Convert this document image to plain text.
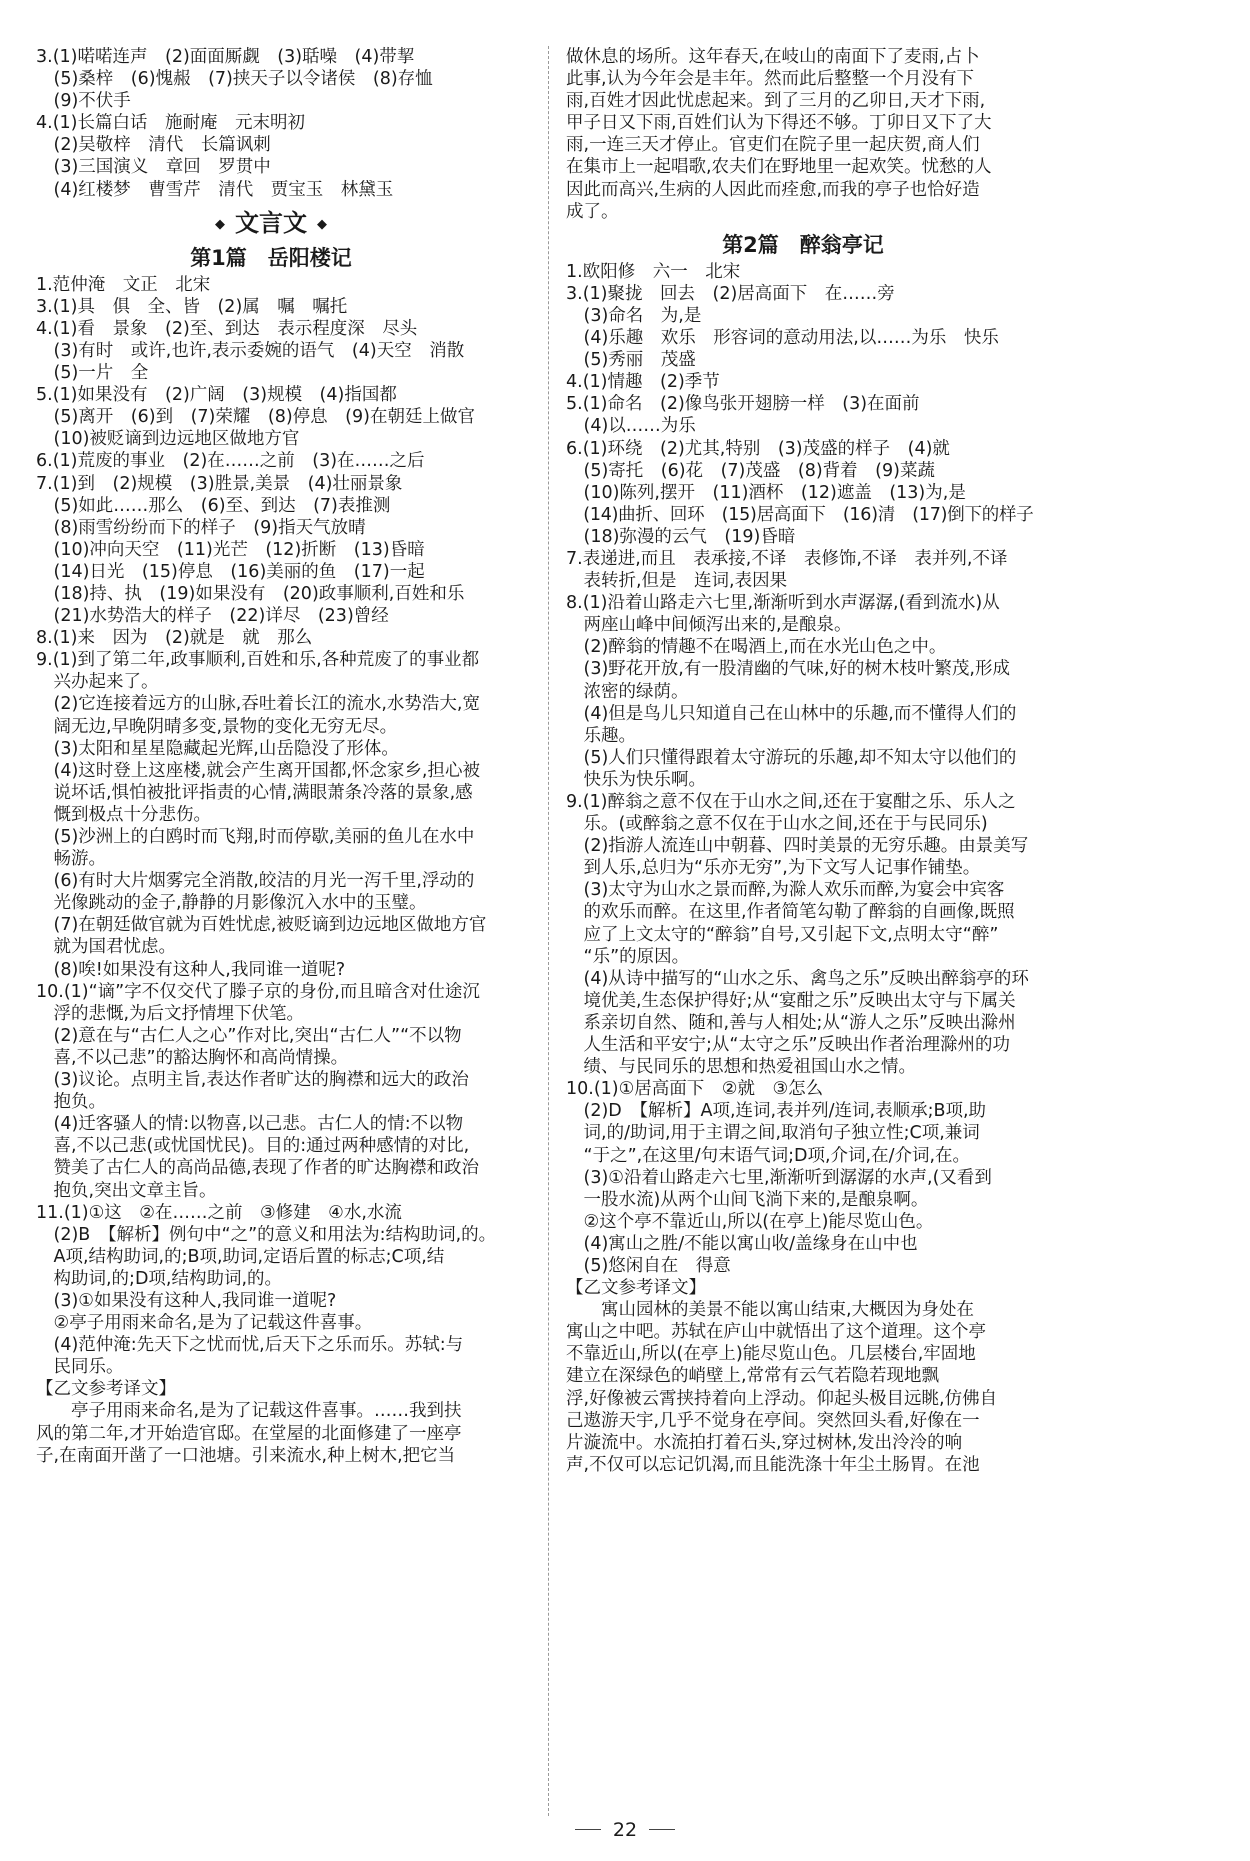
3.(1)喏喏连声　(2)面面厮觑　(3)聒噪　(4)带挈
　(5)桑梓　(6)愧赧　(7)挟天子以令诸侯　(8)存恤
　(9)不伏手
4.(1)长篇白话　施耐庵　元末明初
　(2)吴敬梓　清代　长篇讽刺
　(3)三国演义　章回　罗贯中
　(4)红楼梦　曹雪芹　清代　贾宝玉　林黛玉
◆ 文言文 ◆
第1篇　岳阳楼记
1.范仲淹　文正　北宋
3.(1)具　俱　全、皆　(2)属　嘱　嘱托
4.(1)看　景象　(2)至、到达　表示程度深　尽头
　(3)有时　或许,也许,表示委婉的语气　(4)天空　消散
　(5)一片　全
5.(1)如果没有　(2)广阔　(3)规模　(4)指国都
　(5)离开　(6)到　(7)荣耀　(8)停息　(9)在朝廷上做官
　(10)被贬谪到边远地区做地方官
6.(1)荒废的事业　(2)在……之前　(3)在……之后
7.(1)到　(2)规模　(3)胜景,美景　(4)壮丽景象
　(5)如此……那么　(6)至、到达　(7)表推测
　(8)雨雪纷纷而下的样子　(9)指天气放晴
　(10)冲向天空　(11)光芒　(12)折断　(13)昏暗
　(14)日光　(15)停息　(16)美丽的鱼　(17)一起
　(18)持、执　(19)如果没有　(20)政事顺利,百姓和乐
　(21)水势浩大的样子　(22)详尽　(23)曾经
8.(1)来　因为　(2)就是　就　那么
9.(1)到了第二年,政事顺利,百姓和乐,各种荒废了的事业都
　兴办起来了。
　(2)它连接着远方的山脉,吞吐着长江的流水,水势浩大,宽
　阔无边,早晚阴晴多变,景物的变化无穷无尽。
　(3)太阳和星星隐藏起光辉,山岳隐没了形体。
　(4)这时登上这座楼,就会产生离开国都,怀念家乡,担心被
　说坏话,惧怕被批评指责的心情,满眼萧条冷落的景象,感
　慨到极点十分悲伤。
　(5)沙洲上的白鸥时而飞翔,时而停歇,美丽的鱼儿在水中
　畅游。
　(6)有时大片烟雾完全消散,皎洁的月光一泻千里,浮动的
　光像跳动的金子,静静的月影像沉入水中的玉璧。
　(7)在朝廷做官就为百姓忧虑,被贬谪到边远地区做地方官
　就为国君忧虑。
　(8)唉!如果没有这种人,我同谁一道呢?
10.(1)“谪”字不仅交代了滕子京的身份,而且暗含对仕途沉
　浮的悲慨,为后文抒情埋下伏笔。
　(2)意在与“古仁人之心”作对比,突出“古仁人”“不以物
　喜,不以己悲”的豁达胸怀和高尚情操。
　(3)议论。点明主旨,表达作者旷达的胸襟和远大的政治
　抱负。
　(4)迁客骚人的情:以物喜,以己悲。古仁人的情:不以物
　喜,不以己悲(或忧国忧民)。目的:通过两种感情的对比,
　赞美了古仁人的高尚品德,表现了作者的旷达胸襟和政治
　抱负,突出文章主旨。
11.(1)①这　②在……之前　③修建　④水,水流
　(2)B　【解析】例句中“之”的意义和用法为:结构助词,的。
　A项,结构助词,的;B项,助词,定语后置的标志;C项,结
　构助词,的;D项,结构助词,的。
　(3)①如果没有这种人,我同谁一道呢?
　②亭子用雨来命名,是为了记载这件喜事。
　(4)范仲淹:先天下之忧而忧,后天下之乐而乐。苏轼:与
　民同乐。
【乙文参考译文】
　　亭子用雨来命名,是为了记载这件喜事。……我到扶
风的第二年,才开始造官邸。在堂屋的北面修建了一座亭
子,在南面开凿了一口池塘。引来流水,种上树木,把它当
做休息的场所。这年春天,在岐山的南面下了麦雨,占卜
此事,认为今年会是丰年。然而此后整整一个月没有下
雨,百姓才因此忧虑起来。到了三月的乙卯日,天才下雨,
甲子日又下雨,百姓们认为下得还不够。丁卯日又下了大
雨,一连三天才停止。官吏们在院子里一起庆贺,商人们
在集市上一起唱歌,农夫们在野地里一起欢笑。忧愁的人
因此而高兴,生病的人因此而痊愈,而我的亭子也恰好造
成了。
第2篇　醉翁亭记
1.欧阳修　六一　北宋
3.(1)聚拢　回去　(2)居高面下　在……旁
　(3)命名　为,是
　(4)乐趣　欢乐　形容词的意动用法,以……为乐　快乐
　(5)秀丽　茂盛
4.(1)情趣　(2)季节
5.(1)命名　(2)像鸟张开翅膀一样　(3)在面前
　(4)以……为乐
6.(1)环绕　(2)尤其,特别　(3)茂盛的样子　(4)就
　(5)寄托　(6)花　(7)茂盛　(8)背着　(9)菜蔬
　(10)陈列,摆开　(11)酒杯　(12)遮盖　(13)为,是
　(14)曲折、回环　(15)居高面下　(16)清　(17)倒下的样子
　(18)弥漫的云气　(19)昏暗
7.表递进,而且　表承接,不译　表修饰,不译　表并列,不译
　表转折,但是　连词,表因果
8.(1)沿着山路走六七里,渐渐听到水声潺潺,(看到流水)从
　两座山峰中间倾泻出来的,是酿泉。
　(2)醉翁的情趣不在喝酒上,而在水光山色之中。
　(3)野花开放,有一股清幽的气味,好的树木枝叶繁茂,形成
　浓密的绿荫。
　(4)但是鸟儿只知道自己在山林中的乐趣,而不懂得人们的
　乐趣。
　(5)人们只懂得跟着太守游玩的乐趣,却不知太守以他们的
　快乐为快乐啊。
9.(1)醉翁之意不仅在于山水之间,还在于宴酣之乐、乐人之
　乐。(或醉翁之意不仅在于山水之间,还在于与民同乐)
　(2)指游人流连山中朝暮、四时美景的无穷乐趣。由景美写
　到人乐,总归为“乐亦无穷”,为下文写人记事作铺垫。
　(3)太守为山水之景而醉,为滁人欢乐而醉,为宴会中宾客
　的欢乐而醉。在这里,作者简笔勾勒了醉翁的自画像,既照
　应了上文太守的“醉翁”自号,又引起下文,点明太守“醉”
　“乐”的原因。
　(4)从诗中描写的“山水之乐、禽鸟之乐”反映出醉翁亭的环
　境优美,生态保护得好;从“宴酣之乐”反映出太守与下属关
　系亲切自然、随和,善与人相处;从“游人之乐”反映出滁州
　人生活和平安宁;从“太守之乐”反映出作者治理滁州的功
　绩、与民同乐的思想和热爱祖国山水之情。
10.(1)①居高面下　②就　③怎么
　(2)D　【解析】A项,连词,表并列/连词,表顺承;B项,助
　词,的/助词,用于主谓之间,取消句子独立性;C项,兼词
　“于之”,在这里/句末语气词;D项,介词,在/介词,在。
　(3)①沿着山路走六七里,渐渐听到潺潺的水声,(又看到
　一股水流)从两个山间飞淌下来的,是酿泉啊。
　②这个亭不靠近山,所以(在亭上)能尽览山色。
　(4)寓山之胜/不能以寓山收/盖缘身在山中也
　(5)悠闲自在　得意
【乙文参考译文】
　　寓山园林的美景不能以寓山结束,大概因为身处在
寓山之中吧。苏轼在庐山中就悟出了这个道理。这个亭
不靠近山,所以(在亭上)能尽览山色。几层楼台,牢固地
建立在深绿色的峭壁上,常常有云气若隐若现地飘
浮,好像被云霄挟持着向上浮动。仰起头极目远眺,仿佛自
己遨游天宇,几乎不觉身在亭间。突然回头看,好像在一
片漩流中。水流拍打着石头,穿过树林,发出泠泠的响
声,不仅可以忘记饥渴,而且能洗涤十年尘土肠胃。在池
22
